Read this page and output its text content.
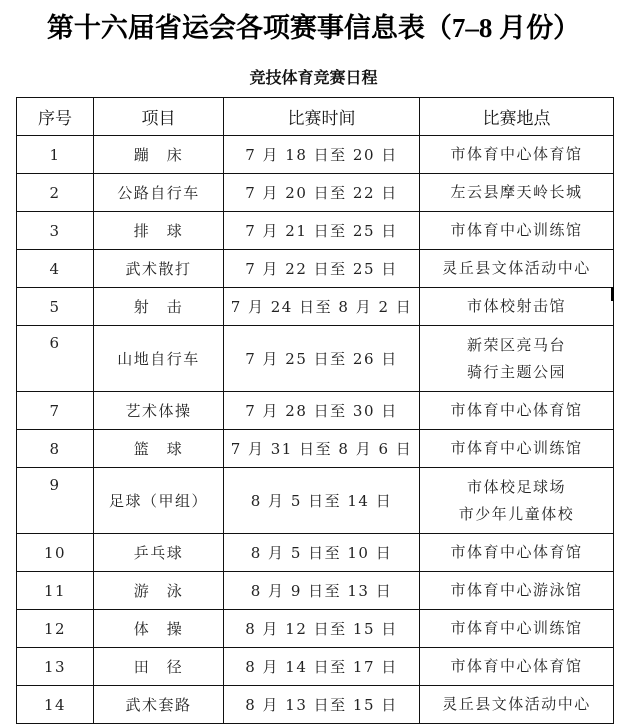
第十六届省运会各项赛事信息表（7–8 月份）
竞技体育竞赛日程
序号	项目	比赛时间	比赛地点
1	蹦　床	7 月 18 日至 20 日	市体育中心体育馆

2	公路自行车	7 月 20 日至 22 日	左云县摩天岭长城

3	排　球	7 月 21 日至 25 日	市体育中心训练馆

4	武术散打	7 月 22 日至 25 日	灵丘县文体活动中心

5	射　击	7 月 24 日至 8 月 2 日	市体校射击馆

6	山地自行车	7 月 25 日至 26 日	新荣区亮马台
骑行主题公园

7	艺术体操	7 月 28 日至 30 日	市体育中心体育馆

8	篮　球	7 月 31 日至 8 月 6 日	市体育中心训练馆

9	足球（甲组）	8 月 5 日至 14 日	市体校足球场
市少年儿童体校

10	乒乓球	8 月 5 日至 10 日	市体育中心体育馆

11	游　泳	8 月 9 日至 13 日	市体育中心游泳馆

12	体　操	8 月 12 日至 15 日	市体育中心训练馆

13	田　径	8 月 14 日至 17 日	市体育中心体育馆

14	武术套路	8 月 13 日至 15 日	灵丘县文体活动中心
